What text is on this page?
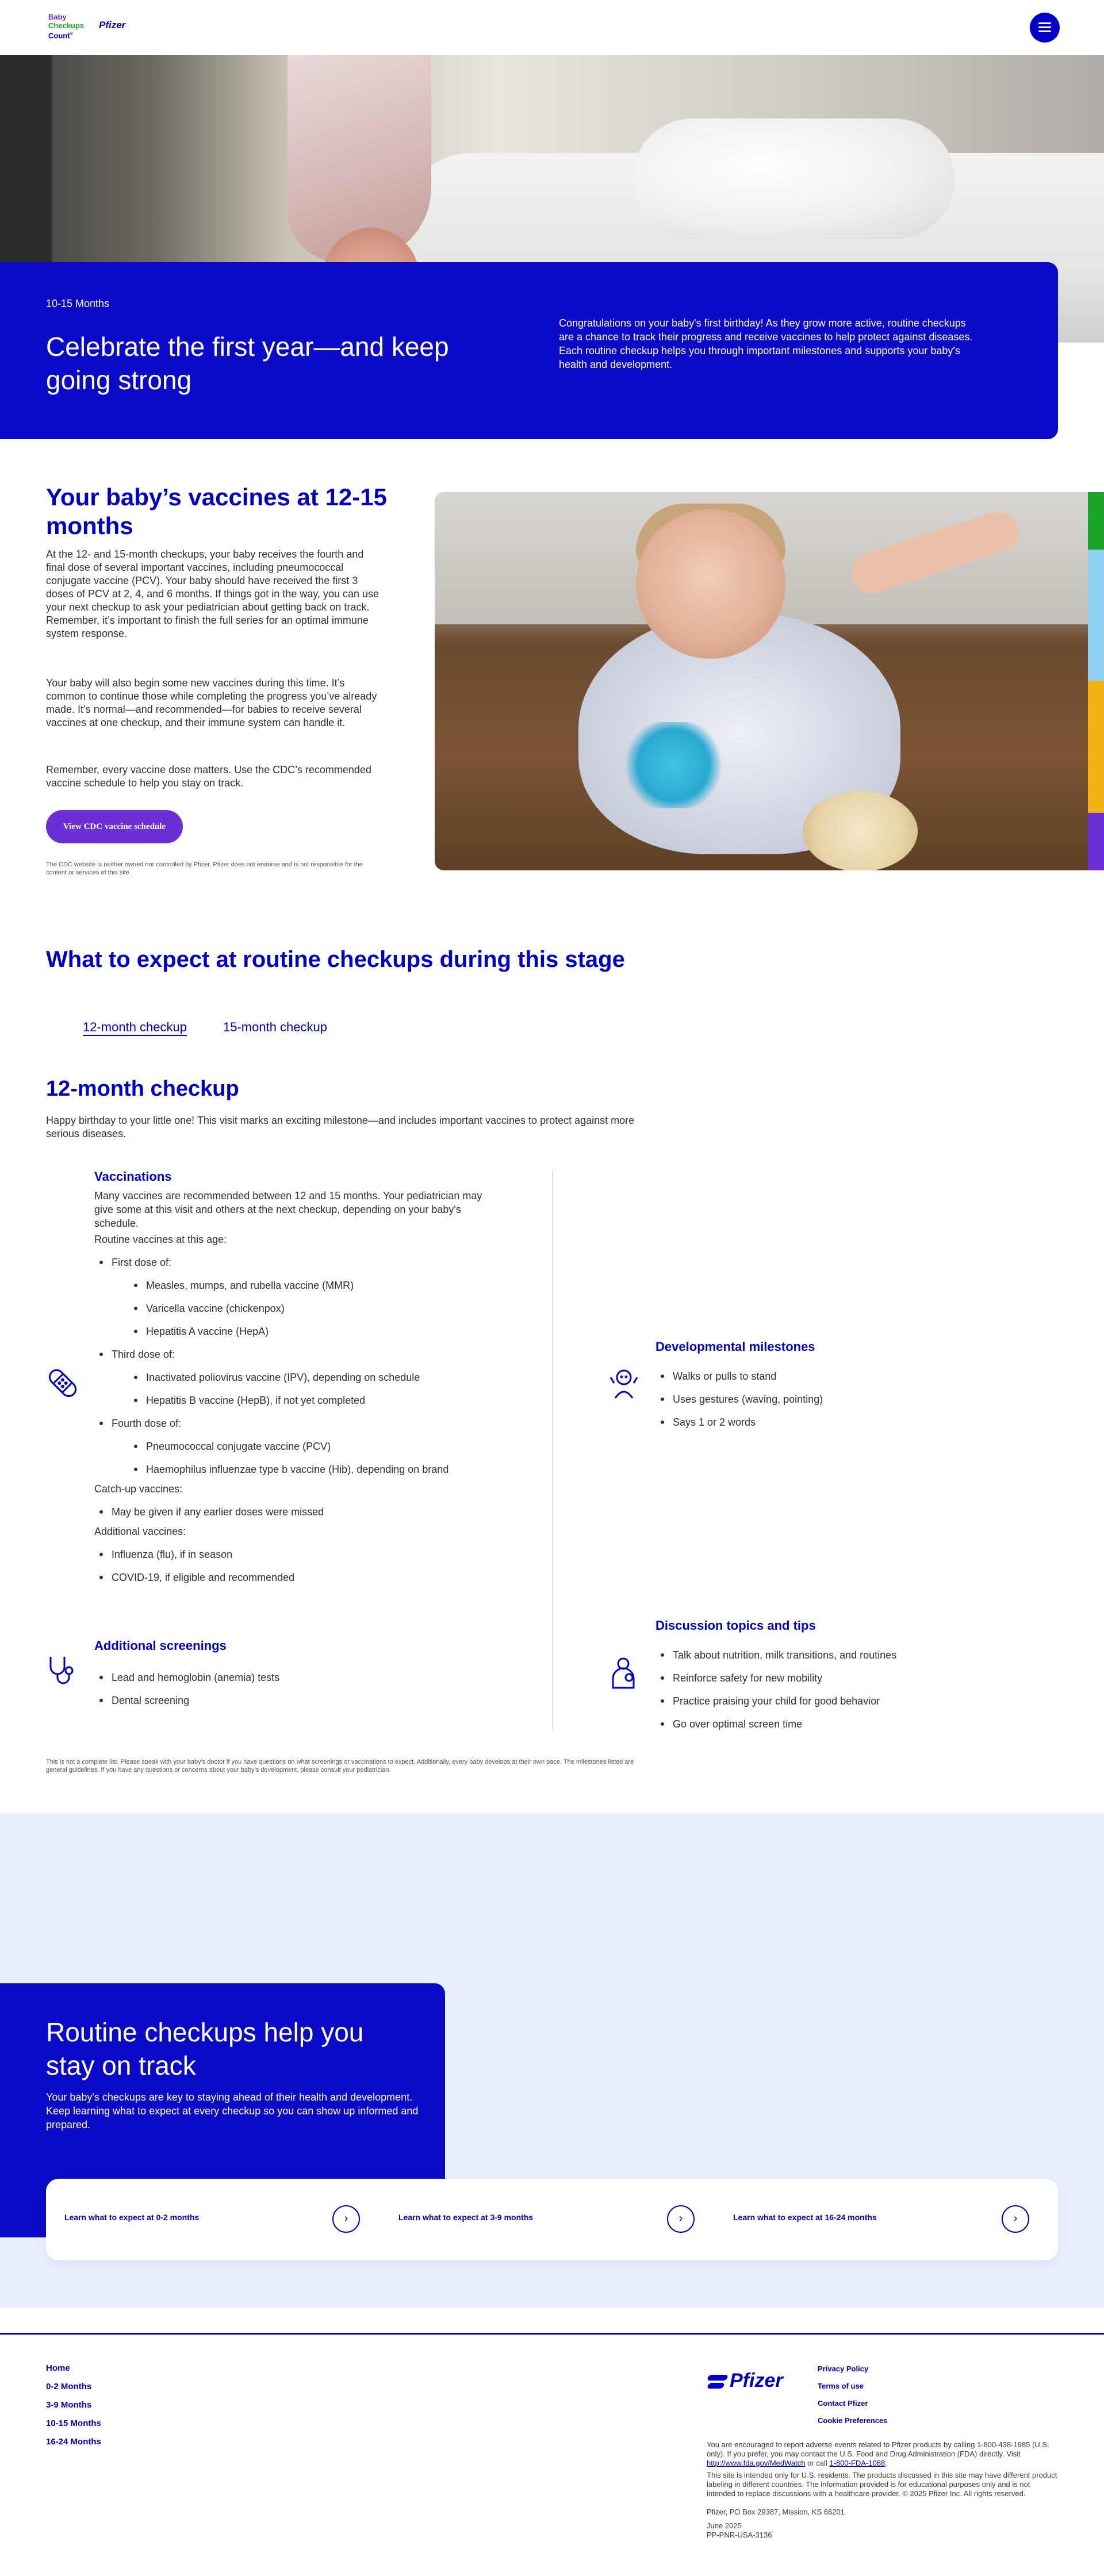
Baby
Checkups
Count®
Pfizer
10-15 Months
Celebrate the first year—and keep going strong

Congratulations on your baby's first birthday! As they grow more active, routine checkups are a chance to track their progress and receive vaccines to help protect against diseases.

Each routine checkup helps you through important milestones and supports your baby's health and development.

Your baby’s vaccines at 12-15 months

At the 12- and 15-month checkups, your baby receives the fourth and final dose of several important vaccines, including pneumococcal conjugate vaccine (PCV). Your baby should have received the first 3 doses of PCV at 2, 4, and 6 months. If things got in the way, you can use your next checkup to ask your pediatrician about getting back on track. Remember, it’s important to finish the full series for an optimal immune system response.

Your baby will also begin some new vaccines during this time. It’s common to continue those while completing the progress you’ve already made. It’s normal—and recommended—for babies to receive several vaccines at one checkup, and their immune system can handle it.

Remember, every vaccine dose matters. Use the CDC’s recommended vaccine schedule to help you stay on track.

View CDC vaccine schedule

The CDC website is neither owned nor controlled by Pfizer. Pfizer does not endorse and is not responsible for the content or services of this site.

What to expect at routine checkups during this stage
12-month checkup	15-month checkup
12-month checkup

Happy birthday to your little one! This visit marks an exciting milestone—and includes important vaccines to protect against more serious diseases.

Vaccinations

Many vaccines are recommended between 12 and 15 months. Your pediatrician may give some at this visit and others at the next checkup, depending on your baby's schedule.

Routine vaccines at this age:

First dose of:
Measles, mumps, and rubella vaccine (MMR)
Varicella vaccine (chickenpox)
Hepatitis A vaccine (HepA)
Third dose of:
Inactivated poliovirus vaccine (IPV), depending on schedule
Hepatitis B vaccine (HepB), if not yet completed
Fourth dose of:
Pneumococcal conjugate vaccine (PCV)
Haemophilus influenzae type b vaccine (Hib), depending on brand

Catch-up vaccines:

May be given if any earlier doses were missed

Additional vaccines:

Influenza (flu), if in season
COVID-19, if eligible and recommended
Additional screenings
Lead and hemoglobin (anemia) tests
Dental screening
Developmental milestones
Walks or pulls to stand
Uses gestures (waving, pointing)
Says 1 or 2 words
Discussion topics and tips
Talk about nutrition, milk transitions, and routines
Reinforce safety for new mobility
Practice praising your child for good behavior
Go over optimal screen time

This is not a complete list. Please speak with your baby's doctor if you have questions on what screenings or vaccinations to expect. Additionally, every baby develops at their own pace. The milestones listed are general guidelines. If you have any questions or concerns about your baby's development, please consult your pediatrician.

Routine checkups help you stay on track

Your baby's checkups are key to staying ahead of their health and development. Keep learning what to expect at every checkup so you can show up informed and prepared.

Learn what to expect at 0-2 months	›	Learn what to expect at 3-9 months	›	Learn what to expect at 16-24 months	›
Home
0-2 Months
3-9 Months
10-15 Months
16-24 Months
Pfizer
Privacy Policy
Terms of use
Contact Pfizer
Cookie Preferences

You are encouraged to report adverse events related to Pfizer products by calling 1-800-438-1985 (U.S. only). If you prefer, you may contact the U.S. Food and Drug Administration (FDA) directly. Visit http://www.fda.gov/MedWatch or call 1-800-FDA-1088.

This site is intended only for U.S. residents. The products discussed in this site may have different product labeling in different countries. The information provided is for educational purposes only and is not intended to replace discussions with a healthcare provider. © 2025 Pfizer Inc. All rights reserved.

Pfizer, PO Box 29387, Mission, KS 66201

June 2025

PP-PNR-USA-3136
